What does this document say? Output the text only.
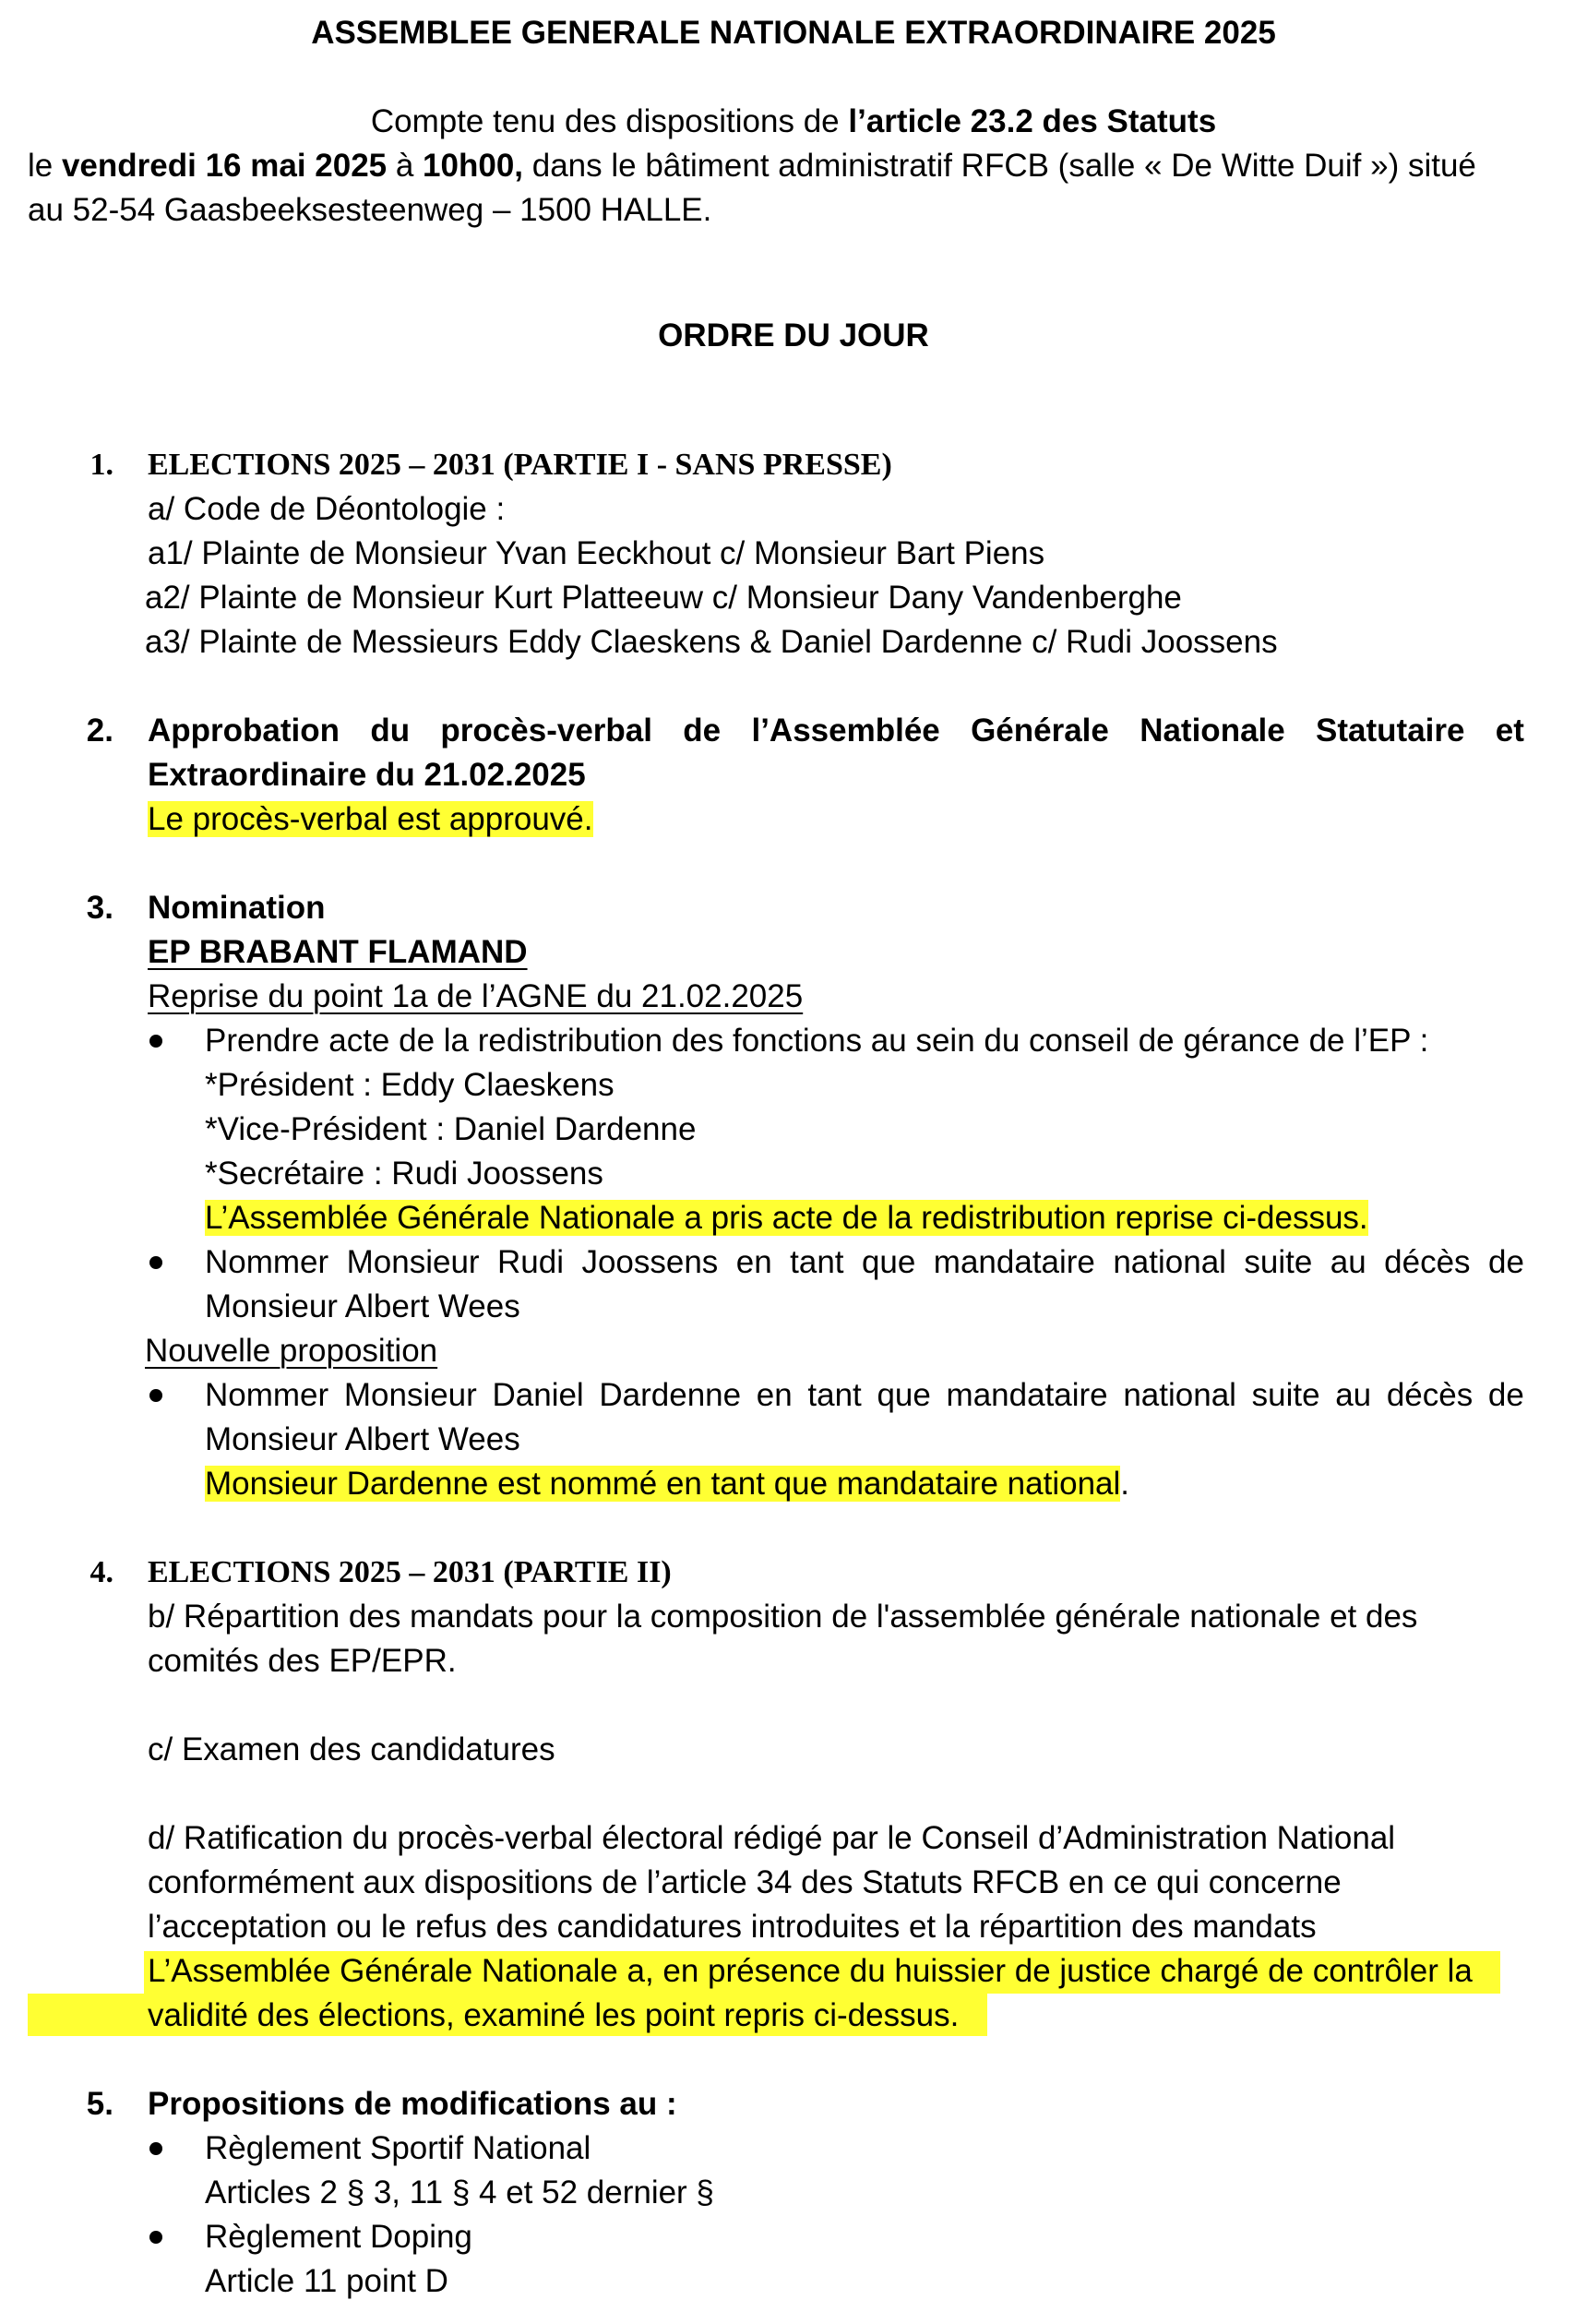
ASSEMBLEE GENERALE NATIONALE EXTRAORDINAIRE 2025
Compte tenu des dispositions de l’article 23.2 des Statuts
le vendredi 16 mai 2025 à 10h00, dans le bâtiment administratif RFCB (salle « De Witte Duif ») situé
au 52-54 Gaasbeeksesteenweg – 1500 HALLE.
ORDRE DU JOUR
1. ELECTIONS 2025 – 2031 (PARTIE I - SANS PRESSE)
a/ Code de Déontologie :
a1/ Plainte de Monsieur Yvan Eeckhout c/ Monsieur Bart Piens
a2/ Plainte de Monsieur Kurt Platteeuw c/ Monsieur Dany Vandenberghe
a3/ Plainte de Messieurs Eddy Claeskens & Daniel Dardenne c/ Rudi Joossens
2. Approbation du procès-verbal de l’Assemblée Générale Nationale Statutaire et
Extraordinaire du 21.02.2025
Le procès-verbal est approuvé.
3. Nomination
EP BRABANT FLAMAND
Reprise du point 1a de l’AGNE du 21.02.2025
Prendre acte de la redistribution des fonctions au sein du conseil de gérance de l’EP :
*Président : Eddy Claeskens
*Vice-Président : Daniel Dardenne
*Secrétaire : Rudi Joossens
L’Assemblée Générale Nationale a pris acte de la redistribution reprise ci-dessus.
Nommer Monsieur Rudi Joossens en tant que mandataire national suite au décès de
Monsieur Albert Wees
Nouvelle proposition
Nommer Monsieur Daniel Dardenne en tant que mandataire national suite au décès de
Monsieur Albert Wees
Monsieur Dardenne est nommé en tant que mandataire national.
4. ELECTIONS 2025 – 2031 (PARTIE II)
b/ Répartition des mandats pour la composition de l'assemblée générale nationale et des
comités des EP/EPR.
c/ Examen des candidatures
d/ Ratification du procès-verbal électoral rédigé par le Conseil d’Administration National
conformément aux dispositions de l’article 34 des Statuts RFCB en ce qui concerne
l’acceptation ou le refus des candidatures introduites et la répartition des mandats
L’Assemblée Générale Nationale a, en présence du huissier de justice chargé de contrôler la
validité des élections, examiné les point repris ci-dessus.
5. Propositions de modifications au :
Règlement Sportif National
Articles 2 § 3, 11 § 4 et 52 dernier §
Règlement Doping
Article 11 point D
